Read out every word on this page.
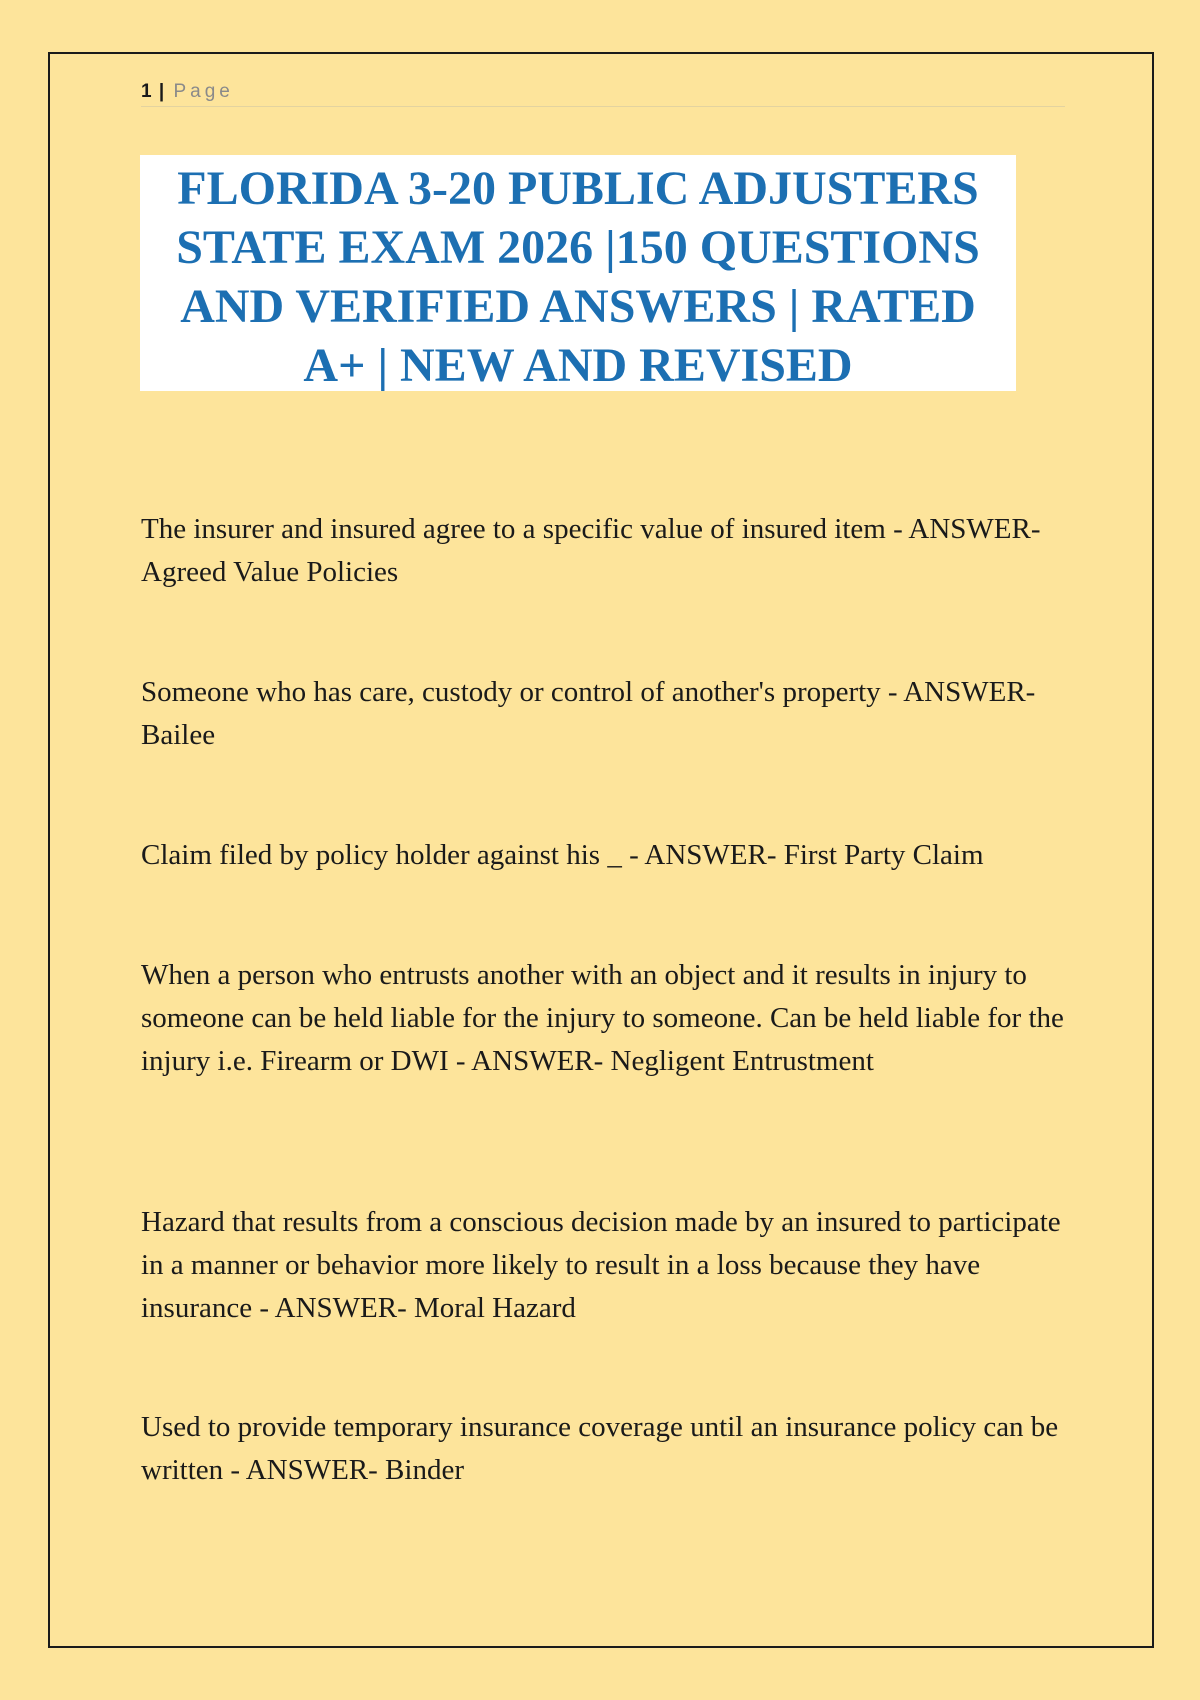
1 | Page
FLORIDA 3-20 PUBLIC ADJUSTERS STATE EXAM 2026 |150 QUESTIONS AND VERIFIED ANSWERS | RATED A+ | NEW AND REVISED

The insurer and insured agree to a specific value of insured item - ANSWER- Agreed Value Policies

Someone who has care, custody or control of another's property - ANSWER- Bailee

Claim filed by policy holder against his _ - ANSWER- First Party Claim

When a person who entrusts another with an object and it results in injury to someone can be held liable for the injury to someone. Can be held liable for the injury i.e. Firearm or DWI - ANSWER- Negligent Entrustment

Hazard that results from a conscious decision made by an insured to participate in a manner or behavior more likely to result in a loss because they have insurance - ANSWER- Moral Hazard

Used to provide temporary insurance coverage until an insurance policy can be written - ANSWER- Binder
